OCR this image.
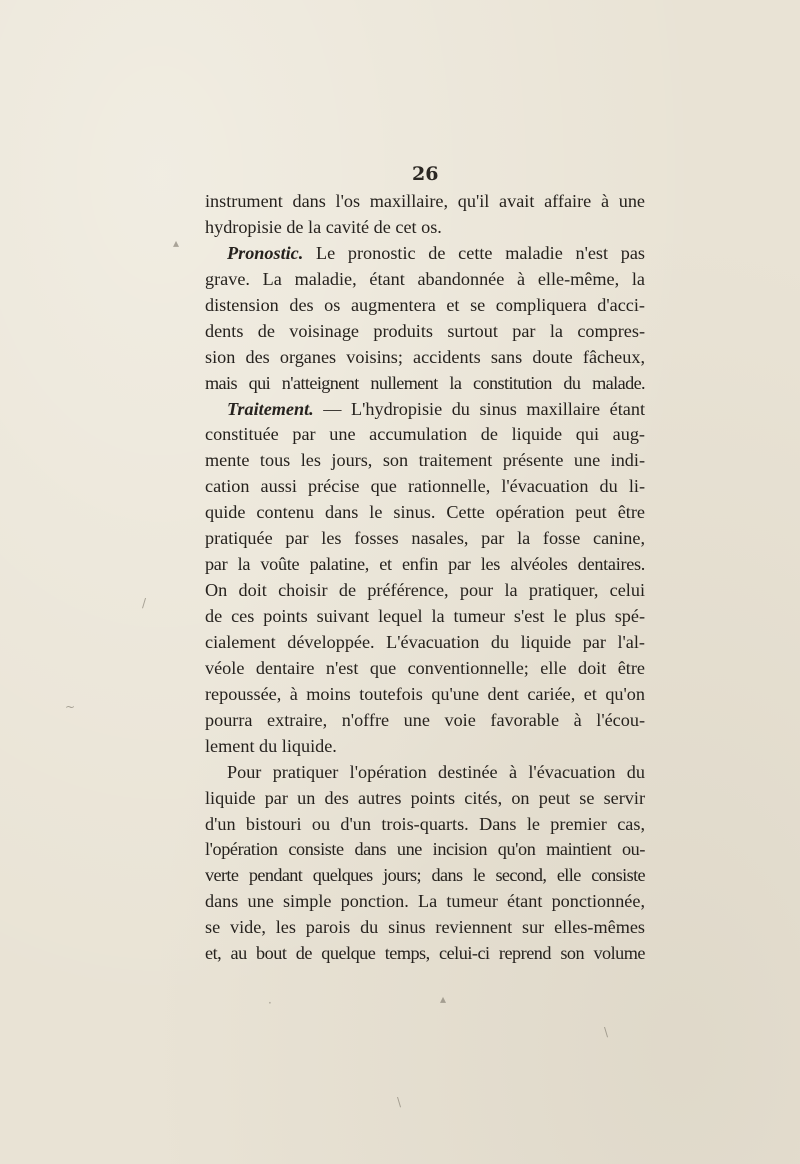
26
instrument dans l'os maxillaire, qu'il avait affaire à une
hydropisie de la cavité de cet os.
Pronostic. Le pronostic de cette maladie n'est pas
grave. La maladie, étant abandonnée à elle-même, la
distension des os augmentera et se compliquera d'acci-
dents de voisinage produits surtout par la compres-
sion des organes voisins; accidents sans doute fâcheux,
mais qui n'atteignent nullement la constitution du malade.
Traitement. — L'hydropisie du sinus maxillaire étant
constituée par une accumulation de liquide qui aug-
mente tous les jours, son traitement présente une indi-
cation aussi précise que rationnelle, l'évacuation du li-
quide contenu dans le sinus. Cette opération peut être
pratiquée par les fosses nasales, par la fosse canine,
par la voûte palatine, et enfin par les alvéoles dentaires.
On doit choisir de préférence, pour la pratiquer, celui
de ces points suivant lequel la tumeur s'est le plus spé-
cialement développée. L'évacuation du liquide par l'al-
véole dentaire n'est que conventionnelle; elle doit être
repoussée, à moins toutefois qu'une dent cariée, et qu'on
pourra extraire, n'offre une voie favorable à l'écou-
lement du liquide.
Pour pratiquer l'opération destinée à l'évacuation du
liquide par un des autres points cités, on peut se servir
d'un bistouri ou d'un trois-quarts. Dans le premier cas,
l'opération consiste dans une incision qu'on maintient ou-
verte pendant quelques jours; dans le second, elle consiste
dans une simple ponction. La tumeur étant ponctionnée,
se vide, les parois du sinus reviennent sur elles-mêmes
et, au bout de quelque temps, celui-ci reprend son volume
▴
/
~
·	▴
\
\
